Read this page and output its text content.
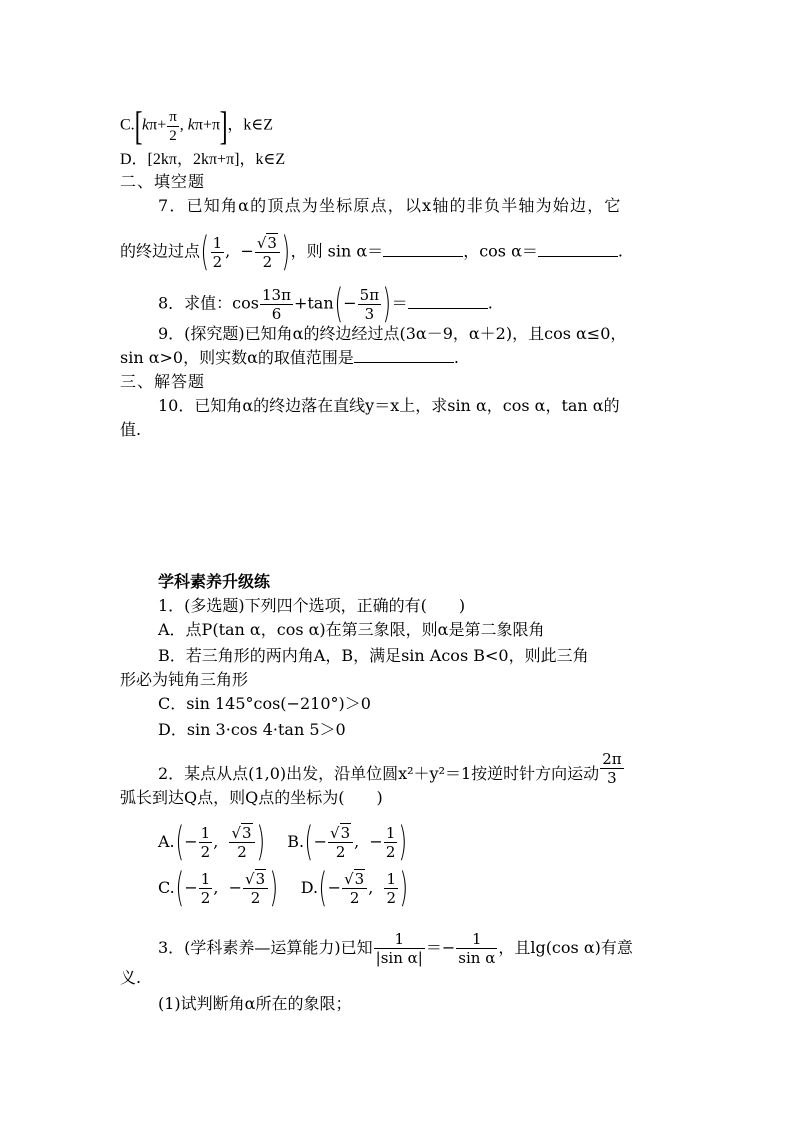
$C.[k\pi+ \frac{\pi}{2}$ , kπ+π]，k∈Z
D．[2kπ，2kπ+π]，k∈Z
二、填空题
7．已知角α的顶点为坐标原点，以x轴的非负半轴为始边，它
的终边过点( $\frac{1}{2}$ ,  − $\frac{√3}{2}$ )，则 sin α＝	，cos α＝	.
8．求值：$\cos \frac{13\pi}{6} +\tan(- \frac{5\pi}{3}$ )＝	.
9．(探究题)已知角α的终边经过点(3α－9，α＋2)，且cos α≤0，
sin α>0，则实数α的取值范围是	.
三、解答题
10．已知角α的终边落在直线y＝x上，求sin α，cos α，tan α的
值.
学科素养升级练
1．(多选题)下列四个选项，正确的有(　　)
A．点P(tan α，cos α)在第三象限，则α是第二象限角
B．若三角形的两内角A，B，满足sin Acos B<0，则此三角
形必为钝角三角形
C．sin 145°cos(−210°)＞0
D．sin 3·cos 4·tan 5＞0
2．某点从点(1,0)出发，沿单位圆x²＋y²＝1按逆时针方向运动 $\frac{2\pi}{3}$
弧长到达Q点，则Q点的坐标为(　　)
$A.(- \frac{1}{2}$ , $\frac{√3}{2}$ ) $B.(- \frac{√3}{2}$ ,  − $\frac{1}{2}$ )
$C.(- \frac{1}{2}$ ,  − $\frac{√3}{2}$ ) $D.(- \frac{√3}{2}$ , $\frac{1}{2}$ )
3．(学科素养—运算能力)已知 $\frac{1}{\text{|sin α|}} =- \frac{1}{\text{sin α}}$ ，且lg(cos α)有意
义.
(1)试判断角α所在的象限；
